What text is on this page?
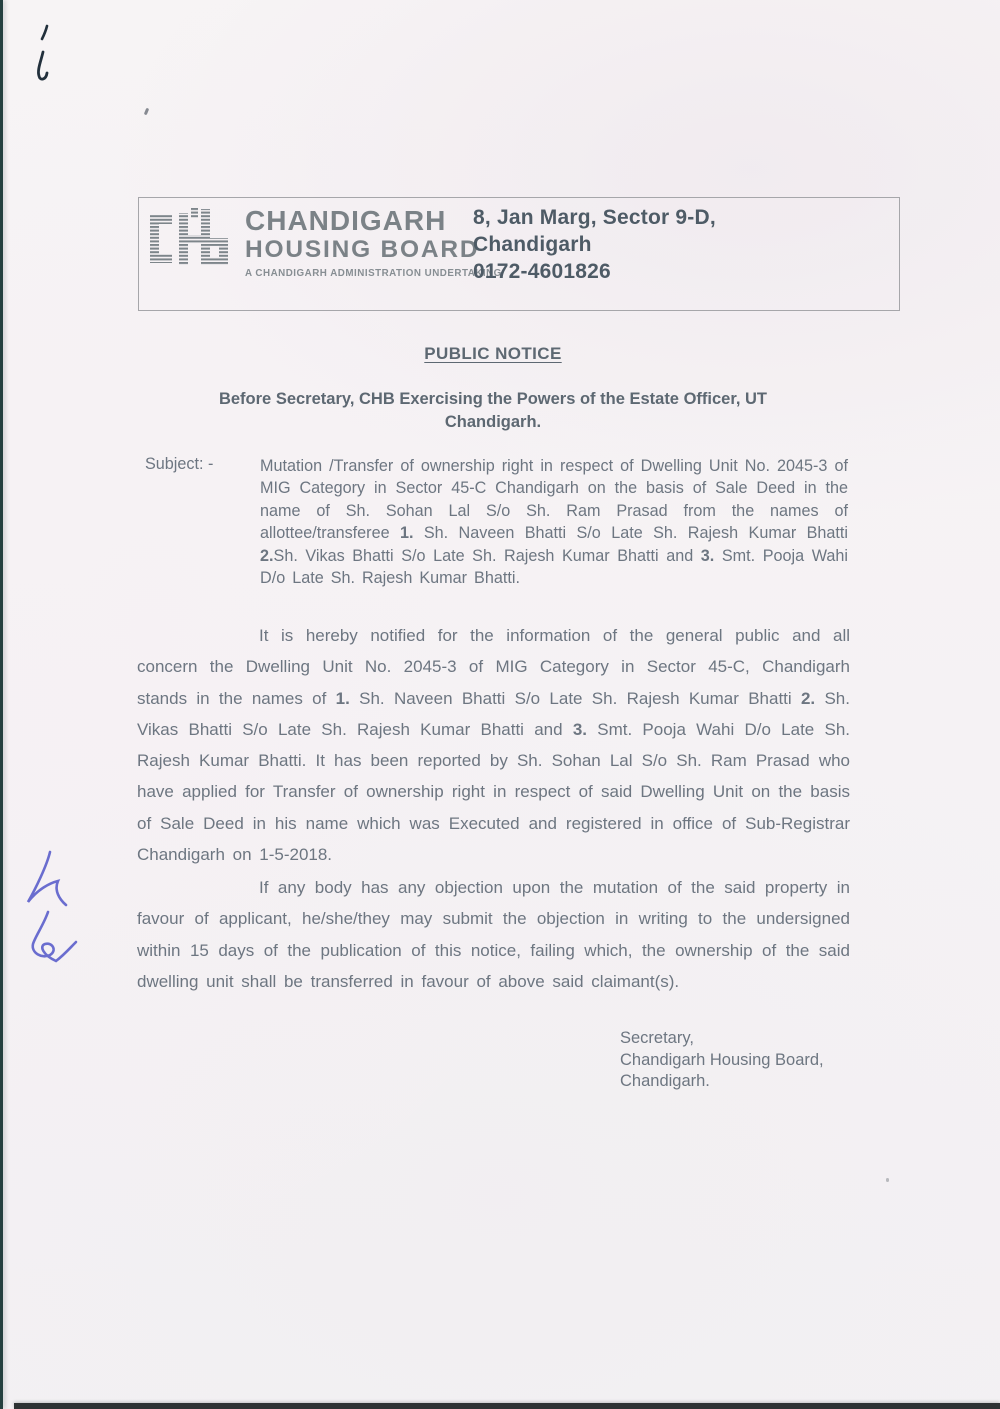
CHANDIGARH
HOUSING BOARD
A CHANDIGARH ADMINISTRATION UNDERTAKING
8, Jan Marg, Sector 9-D,
Chandigarh
0172-4601826
PUBLIC NOTICE
Before Secretary, CHB Exercising the Powers of the Estate Officer, UT
Chandigarh.
Subject: -	Mutation /Transfer of ownership right in respect of Dwelling Unit No. 2045-3 of MIG Category in Sector 45-C Chandigarh on the basis of Sale Deed in the name of Sh. Sohan Lal S/o Sh. Ram Prasad from the names of allottee/transferee 1. Sh. Naveen Bhatti S/o Late Sh. Rajesh Kumar Bhatti 2.Sh. Vikas Bhatti S/o Late Sh. Rajesh Kumar Bhatti and 3. Smt. Pooja Wahi D/o Late Sh. Rajesh Kumar Bhatti.
It is hereby notified for the information of the general public and all concern the Dwelling Unit No. 2045-3 of MIG Category in Sector 45-C, Chandigarh stands in the names of 1. Sh. Naveen Bhatti S/o Late Sh. Rajesh Kumar Bhatti 2. Sh. Vikas Bhatti S/o Late Sh. Rajesh Kumar Bhatti and 3. Smt. Pooja Wahi D/o Late Sh. Rajesh Kumar Bhatti. It has been reported by Sh. Sohan Lal S/o Sh. Ram Prasad who have applied for Transfer of ownership right in respect of said Dwelling Unit on the basis of Sale Deed in his name which was Executed and registered in office of Sub-Registrar Chandigarh on 1-5-2018.
If any body has any objection upon the mutation of the said property in favour of applicant, he/she/they may submit the objection in writing to the undersigned within 15 days of the publication of this notice, failing which, the ownership of the said dwelling unit shall be transferred in favour of above said claimant(s).
Secretary,
Chandigarh Housing Board,
Chandigarh.
